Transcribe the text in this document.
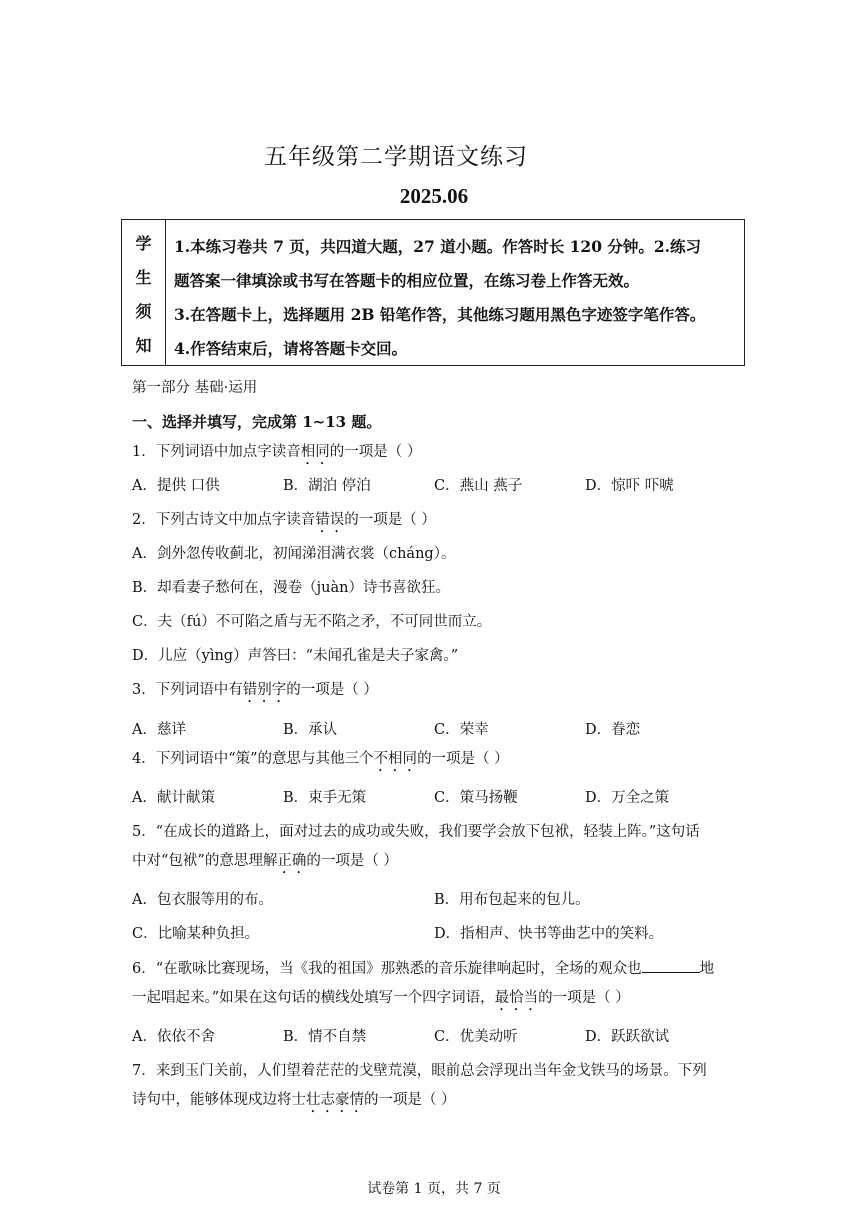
五年级第二学期语文练习
2025.06
学
生
须
知
1.本练习卷共 7 页，共四道大题，27 道小题。作答时长 120 分钟。2.练习
题答案一律填涂或书写在答题卡的相应位置，在练习卷上作答无效。
3.在答题卡上，选择题用 2B 铅笔作答，其他练习题用黑色字迹签字笔作答。
4.作答结束后，请将答题卡交回。
第一部分 基础·运用
一、选择并填写，完成第 1~13 题。
1．下列词语中加点字读音相同的一项是（ ）
A．提供 口供	B．湖泊 停泊	C．燕山 燕子	D．惊吓 吓唬
2．下列古诗文中加点字读音错误的一项是（ ）
A．剑外忽传收蓟北，初闻涕泪满衣裳（cháng）。
B．却看妻子愁何在，漫卷（juàn）诗书喜欲狂。
C．夫（fú）不可陷之盾与无不陷之矛，不可同世而立。
D．儿应（yìng）声答曰：“未闻孔雀是夫子家禽。”
3．下列词语中有错别字的一项是（ ）
A．慈详	B．承认	C．荣幸	D．眷恋
4．下列词语中“策”的意思与其他三个不相同的一项是（ ）
A．献计献策	B．束手无策	C．策马扬鞭	D．万全之策
5．“在成长的道路上，面对过去的成功或失败，我们要学会放下包袱，轻装上阵。”这句话
中对“包袱”的意思理解正确的一项是（ ）
A．包衣服等用的布。	B．用布包起来的包儿。
C．比喻某种负担。	D．指相声、快书等曲艺中的笑料。
6．“在歌咏比赛现场，当《我的祖国》那熟悉的音乐旋律响起时，全场的观众也	地
一起唱起来。”如果在这句话的横线处填写一个四字词语，最恰当的一项是（ ）
A．依依不舍	B．情不自禁	C．优美动听	D．跃跃欲试
7．来到玉门关前，人们望着茫茫的戈壁荒漠，眼前总会浮现出当年金戈铁马的场景。下列
诗句中，能够体现戍边将士壮志豪情的一项是（ ）
试卷第 1 页，共 7 页
